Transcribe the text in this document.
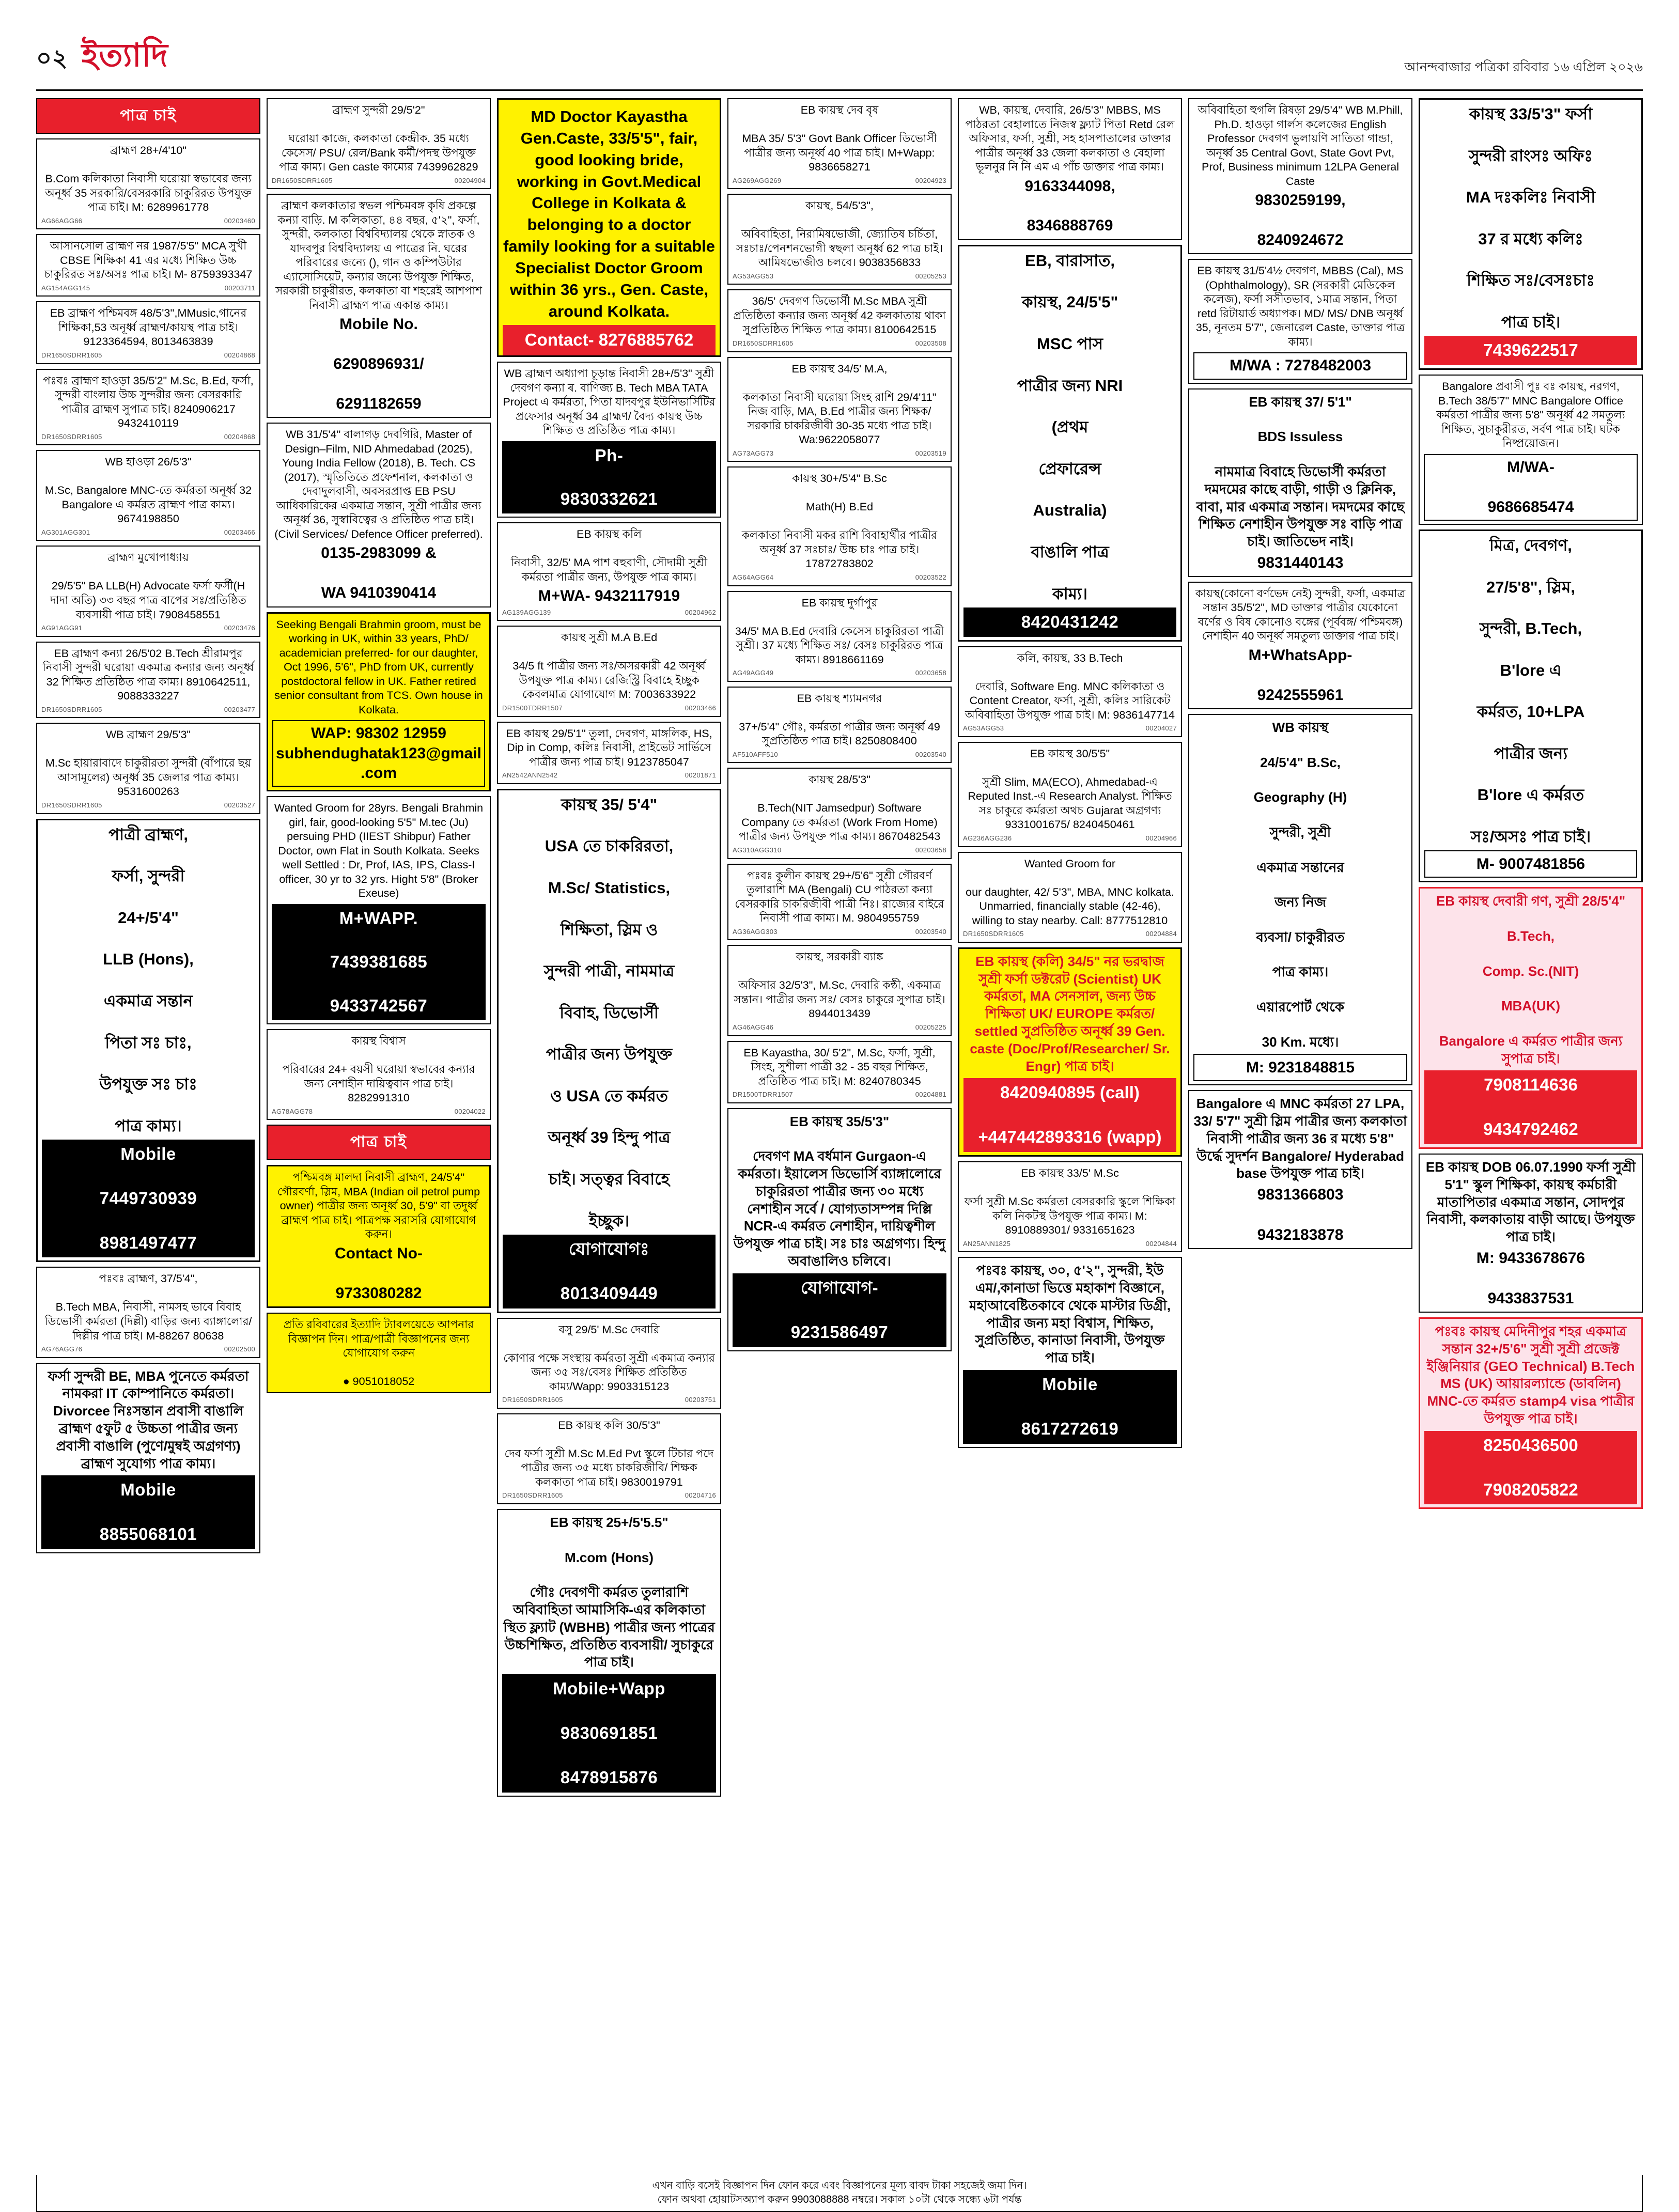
০২ ইত্যাদি	আনন্দবাজার পত্রিকা রবিবার ১৬ এপ্রিল ২০২৬
পাত্র চাই
ব্রাহ্মণ 28+/4'10"

B.Com কলিকাতা নিবাসী ঘরোয়া স্বভাবের জন্য অনূর্ধ্ব 35 সরকারি/বেসরকারি চাকুরিরত উপযুক্ত পাত্র চাই। M: 6289961778
AG66AGG66	00203460
আসানসোল ব্রাহ্মণ নর 1987/5'5" MCA সুখী CBSE শিক্ষিকা 41 এর মধ্যে শিক্ষিত উচ্চ চাকুরিরত সঃ/অসঃ পাত্র চাই। M- 8759393347
AG154AGG145	00203711
EB ব্রাহ্মণ পশ্চিমবঙ্গ 48/5'3'',MMusic,গানের শিক্ষিকা,53 অনূর্ধ্ব ব্রাহ্মণ/কায়স্থ পাত্র চাই। 9123364594, 8013463839
DR1650SDRR1605	00204868
পঃবঃ ব্রাহ্মণ হাওড়া 35/5'2" M.Sc, B.Ed, ফর্সা, সুন্দরী বাংলায় উচ্চ সুন্দরীর জন্য বেসরকারি পাত্রীর ব্রাহ্মণ সুপাত্র চাই। 8240906217 9432410119
DR1650SDRR1605	00204868
WB হাওড়া 26/5'3"

M.Sc, Bangalore MNC-তে কর্মরতা অনূর্ধ্ব 32 Bangalore এ কর্মরত ব্রাহ্মণ পাত্র কাম্য। 9674198850
AG301AGG301	00203466
ব্রাহ্মণ মুখোপাধ্যায়

29/5'5" BA LLB(H) Advocate ফর্সা ফর্সী(H দাদা অতি) ৩৩ বছর পাত্র বাপের সঃ/প্রতিষ্ঠিত ব্যবসায়ী পাত্র চাই। 7908458551
AG91AGG91	00203476
EB ব্রাহ্মণ কন্যা 26/5'02 B.Tech শ্রীরামপুর নিবাসী সুন্দরী ঘরোয়া একমাত্র কন্যার জন্য অনূর্ধ্ব 32 শিক্ষিত প্রতিষ্ঠিত পাত্র কাম্য। 8910642511, 9088333227
DR1650SDRR1605	00203477
WB ব্রাহ্মণ 29/5'3"

M.Sc হায়ারাবাদে চাকুরীরতা সুন্দরী (বাঁপারে ছয় আসামূলের) অনূর্ধ্ব 35 জেলার পাত্র কাম্য। 9531600263
DR1650SDRR1605	00203527
পাত্রী ব্রাহ্মণ,

ফর্সা, সুন্দরী

24+/5'4"

LLB (Hons),

একমাত্র সন্তান

পিতা সঃ চাঃ,

উপযুক্ত সঃ চাঃ

পাত্র কাম্য।
Mobile

7449730939

8981497477
পঃবঃ ব্রাহ্মণ, 37/5'4",

B.Tech MBA, নিবাসী, নামসহ ভাবে বিবাহ ডিভোর্সী কর্মরতা (দিল্লী) বাড়ির জন্য ব্যাঙ্গালোর/দিল্লীর পাত্র চাই। M-88267 80638
AG76AGG76	00202500
ফর্সা সুন্দরী BE, MBA পুনেতে কর্মরতা নামকরা IT কোম্পানিতে কর্মরতা। Divorcee নিঃসন্তান প্রবাসী বাঙালি ব্রাহ্মণ ৫ফুট ৫ উচ্চতা পাত্রীর জন্য প্রবাসী বাঙালি (পুণে/মুম্বই অগ্রগণ্য) ব্রাহ্মণ সুযোগ্য পাত্র কাম্য।
Mobile

8855068101
ব্রাহ্মণ সুন্দরী 29/5'2"

ঘরোয়া কাজে, কলকাতা কেন্দ্রীক. 35 মধ্যে কেসেস/ PSU/ রেল/Bank কর্মী/পদস্থ উপযুক্ত পাত্র কাম্য। Gen caste কাম্যের 7439962829
DR1650SDRR1605	00204904
ব্রাহ্মণ কলকাতার স্বভল পশ্চিমবঙ্গ কৃষি প্রকল্পে কন্যা বাড়ি. M কলিকাতা, ৪৪ বছর, ৫'২", ফর্সা, সুন্দরী, কলকাতা বিশ্ববিদ্যালয় থেকে স্নাতক ও যাদবপুর বিশ্ববিদ্যালয় এ পাত্রের নি. ঘরের পরিবারের জন্যে (), গান ও কম্পিউটার এ্যাসোসিয়েট, কন্যার জন্যে উপযুক্ত শিক্ষিত, সরকারী চাকুরীরত, কলকাতা বা শহরেই আশপাশ নিবাসী ব্রাহ্মণ পাত্র একান্ত কাম্য।
Mobile No.

6290896931/

6291182659
WB 31/5'4" বালাগড় দেবগিরি, Master of Design–Film, NID Ahmedabad (2025), Young India Fellow (2018), B. Tech. CS (2017), স্মৃতিতিতে প্রফেশনাল, কলকাতা ও দেবাদুলবাসী, অবসরপ্রাপ্ত EB PSU আধিকারিকের একমাত্র সন্তান, সুশ্রী পাত্রীর জন্য অনূর্ধ্ব 36, সুস্বাবিত্বের ও প্রতিষ্ঠিত পাত্র চাই। (Civil Services/ Defence Officer preferred).
0135-2983099 &

WA 9410390414
Seeking Bengali Brahmin groom, must be working in UK, within 33 years, PhD/ academician preferred- for our daughter, Oct 1996, 5'6", PhD from UK, currently postdoctoral fellow in UK. Father retired senior consultant from TCS. Own house in Kolkata.
WAP: 98302 12959 subhendughatak123@gmail.com
Wanted Groom for 28yrs. Bengali Brahmin girl, fair, good-looking 5'5" M.tec (Ju) persuing PHD (IIEST Shibpur) Father Doctor, own Flat in South Kolkata. Seeks well Settled : Dr, Prof, IAS, IPS, Class-I officer, 30 yr to 32 yrs. Hight 5'8" (Broker Exeuse)
M+WAPP.

7439381685

9433742567
কায়স্থ বিশ্বাস

পরিবারের 24+ বয়সী ঘরোয়া স্বভাবের কন্যার জন্য নেশাহীন দায়িত্ববান পাত্র চাই। 8282991310
AG78AGG78	00204022
পাত্র চাই
পশ্চিমবঙ্গ মালদা নিবাসী ব্রাহ্মণ, 24/5'4" গৌরবর্ণা, স্লিম, MBA (Indian oil petrol pump owner) পাত্রীর জন্য অনূর্ধ্ব 30, 5'9" বা তদুর্ধ্ব ব্রাহ্মণ পাত্র চাই। পাত্রপক্ষ সরাসরি যোগাযোগ করুন।
Contact No-

9733080282
প্রতি রবিবারের ইত্যাদি ট্যাবলয়েডে আপনার বিজ্ঞাপন দিন। পাত্র/পাত্রী বিজ্ঞাপনের জন্য যোগাযোগ করুন

● 9051018052
MD Doctor Kayastha Gen.Caste, 33/5'5", fair, good looking bride, working in Govt.Medical College in Kolkata & belonging to a doctor family looking for a suitable Specialist Doctor Groom within 36 yrs., Gen. Caste, around Kolkata.
Contact- 8276885762
WB ব্রাহ্মণ অধ্যাপা চূড়ান্ত নিবাসী 28+/5'3" সুশ্রী দেবগণ কন্যা ৰ. বাণিজ্য B. Tech MBA TATA Project এ কর্মরতা, পিতা যাদবপুর ইউনিভার্সিটির প্রফেসার অনূর্ধ্ব 34 ব্রাহ্মণ/ বৈদ্য কায়স্থ উচ্চ শিক্ষিত ও প্রতিষ্ঠিত পাত্র কাম্য।
Ph-

9830332621
EB কায়স্থ কলি

নিবাসী, 32/5' MA পাশ বহুবাণী, সৌদামী সুশ্রী কর্মরতা পাত্রীর জন্য, উপযুক্ত পাত্র কাম্য।
M+WA- 9432117919
AG139AGG139	00204962
কায়স্থ সুশ্রী M.A B.Ed

34/5 ft পাত্রীর জন্য সঃ/অসরকারী 42 অনূর্ধ্ব উপযুক্ত পাত্র কাম্য। রেজিস্ট্রি বিবাহে ইচ্ছুক কেবলমাত্র যোগাযোগ M: 7003633922
DR1500TDRR1507	00203466
EB কায়স্থ 29/5'1" তুলা, দেবগণ, মাঙ্গলিক, HS, Dip in Comp, কলিঃ নিবাসী, প্রাইভেট সার্ভিসে পাত্রীর জন্য পাত্র চাই। 9123785047
AN2542ANN2542	00201871
কায়স্থ 35/ 5'4"

USA তে চাকরিরতা,

M.Sc/ Statistics,

শিক্ষিতা, স্লিম ও

সুন্দরী পাত্রী, নামমাত্র

বিবাহ, ডিভোর্সী

পাত্রীর জন্য উপযুক্ত

ও USA তে কর্মরত

অনূর্ধ্ব 39 হিন্দু পাত্র

চাই। সত্ত্বর বিবাহে

ইচ্ছুক।
যোগাযোগঃ

8013409449
বসু 29/5' M.Sc দেবারি

কোণার পক্ষে সংস্থায় কর্মরতা সুশ্রী একমাত্র কন্যার জন্য ৩৫ সঃ/বেসঃ শিক্ষিত প্রতিষ্ঠিত কাম্য/Wapp: 9903315123
DR1650SDRR1605	00203751
EB কায়স্থ কলি 30/5'3"

দেব ফর্সা সুশ্রী M.Sc M.Ed Pvt স্কুলে টিচার পদে পাত্রীর জন্য ৩৫ মধ্যে চাকরিজীবি/ শিক্ষক কলকাতা পাত্র চাই। 9830019791
DR1650SDRR1605	00204716
EB কায়স্থ 25+/5'5.5"

M.com (Hons)

গৌঃ দেবগণী কর্মরত তুলারাশি অবিবাহিতা আমাসিকি-এর কলিকাতা স্থিত ফ্ল্যাট (WBHB) পাত্রীর জন্য পাত্রের উচ্চশিক্ষিত, প্রতিষ্ঠিত ব্যবসায়ী/ সুচাকুরে পাত্র চাই।
Mobile+Wapp

9830691851

8478915876
EB কায়স্থ দেব বৃষ

MBA 35/ 5'3" Govt Bank Officer ডিভোর্সী পাত্রীর জন্য অনূর্ধ্ব 40 পাত্র চাই। M+Wapp: 9836658271
AG269AGG269	00204923
কায়স্থ, 54/5'3",

অবিবাহিতা, নিরামিষভোজী, জ্যোতিষ চর্চিতা, সঃচাঃ/পেনশনভোগী স্বছলা অনূর্ধ্ব 62 পাত্র চাই। আমিষভোজীও চলবে। 9038356833
AG53AGG53	00205253
36/5' দেবগণ ডিভোর্সী M.Sc MBA সুশ্রী প্রতিষ্ঠিতা কন্যার জন্য অনূর্ধ্ব 42 কলকাতায় থাকা সুপ্রতিষ্ঠিত শিক্ষিত পাত্র কাম্য। 8100642515
DR1650SDRR1605	00203508
EB কায়স্থ 34/5' M.A,

কলকাতা নিবাসী ঘরোয়া সিংহ রাশি 29/4'11" নিজ বাড়ি, MA, B.Ed পাত্রীর জন্য শিক্ষক/ সরকারি চাকরিজীবী 30-35 মধ্যে পাত্র চাই। Wa:9622058077
AG73AGG73	00203519
কায়স্থ 30+/5'4" B.Sc

Math(H) B.Ed

কলকাতা নিবাসী মকর রাশি বিবাহার্থীর পাত্রীর অনূর্ধ্ব 37 সঃচাঃ/ উচ্চ চাঃ পাত্র চাই। 17872783802
AG64AGG64	00203522
EB কায়স্থ দুর্গাপুর

34/5' MA B.Ed দেবারি কেসেস চাকুরিরতা পাত্রী সুশ্রী। 37 মধ্যে শিক্ষিত সঃ/ বেসঃ চাকুরিরত পাত্র কাম্য। 8918661169
AG49AGG49	00203658
EB কায়স্থ শ্যামনগর

37+/5'4" গৌঃ, কর্মরতা পাত্রীর জন্য অনূর্ধ্ব 49 সুপ্রতিষ্ঠিত পাত্র চাই। 8250808400
AF510AFF510	00203540
কায়স্থ 28/5'3"

B.Tech(NIT Jamsedpur) Software Company তে কর্মরতা (Work From Home) পাত্রীর জন্য উপযুক্ত পাত্র কাম্য। 8670482543
AG310AGG310	00203658
পঃবঃ কুলীন কায়স্থ 29+/5'6" সুশ্রী গৌরবর্ণ তুলারাশি MA (Bengali) CU পাঠরতা কন্যা বেসরকারি চাকরিজীবী পাত্রী নিঃ। রাজ্যের বাইরে নিবাসী পাত্র কাম্য। M. 9804955759
AG36AGG303	00203540
কায়স্থ, সরকারী ব্যাঙ্ক

অফিসার 32/5'3", M.Sc, দেবারি কন্ঠী, একমাত্র সন্তান। পাত্রীর জন্য সঃ/ বেসঃ চাকুরে সুপাত্র চাই। 8944013439
AG46AGG46	00205225
EB Kayastha, 30/ 5'2", M.Sc, ফর্সা, সুশ্রী, সিংহ, সুশীলা পাত্রী 32 - 35 বছর শিক্ষিত, প্রতিষ্ঠিত পাত্র চাই। M: 8240780345
DR1500TDRR1507	00204881
EB কায়স্থ 35/5'3"

দেবগণ MA বর্ধমান Gurgaon-এ কর্মরতা। ইয়ালেস ডিভোর্সি ব্যাঙ্গালোরে চাকুরিরতা পাত্রীর জন্য ৩০ মধ্যে নেশাহীন সর্বে / যোগ্যতাসম্পন্ন দিল্লি NCR-এ কর্মরত নেশাহীন, দায়িত্বশীল উপযুক্ত পাত্র চাই। সঃ চাঃ অগ্রগণ্য। হিন্দু অবাঙালিও চলিবে।
যোগাযোগ-

9231586497
WB, কায়স্থ, দেবারি, 26/5'3" MBBS, MS পাঠরতা বেহালাতে নিজস্ব ফ্ল্যাট পিতা Retd রেল অফিসার, ফর্সা, সুশ্রী, সহ হাসপাতালের ডাক্তার পাত্রীর অনূর্ধ্ব 33 জেলা কলকাতা ও বেহালা ভূলনুর নি নি এম এ পাঁচ ডাক্তার পাত্র কাম্য।
9163344098,

8346888769
EB, বারাসাত,

কায়স্থ, 24/5'5"

MSC পাস

পাত্রীর জন্য NRI

(প্রথম

প্রেফারেন্স

Australia)

বাঙালি পাত্র

কাম্য।
8420431242
কলি, কায়স্থ, 33 B.Tech

দেবারি, Software Eng. MNC কলিকাতা ও Content Creator, ফর্সা, সুশ্রী, কলিঃ সারিকেট অবিবাহিতা উপযুক্ত পাত্র চাই। M: 9836147714
AG53AGG53	00204027
EB কায়স্থ 30/5'5"

সুশ্রী Slim, MA(ECO), Ahmedabad-এ Reputed Inst.-এ Research Analyst. শিক্ষিত সঃ চাকুরে কর্মরতা অথচ Gujarat অগ্রগণ্য 9331001675/ 8240450461
AG236AGG236	00204966
Wanted Groom for

our daughter, 42/ 5'3", MBA, MNC kolkata. Unmarried, financially stable (42-46), willing to stay nearby. Call: 8777512810
DR1650SDRR1605	00204884
EB কায়স্থ (কলি) 34/5" নর ভরদ্বাজ সুশ্রী ফর্সা ডক্টরেট (Scientist) UK কর্মরতা, MA সেনসাল, জন্য উচ্চ শিক্ষিতা UK/ EUROPE কর্মরত/ settled সুপ্রতিষ্ঠিত অনূর্ধ্ব 39 Gen. caste (Doc/Prof/Researcher/ Sr. Engr) পাত্র চাই।
8420940895 (call)

+447442893316 (wapp)
EB কায়স্থ 33/5' M.Sc

ফর্সা সুশ্রী M.Sc কর্মরতা বেসরকারি স্কুলে শিক্ষিকা কলি নিকটস্থ উপযুক্ত পাত্র কাম্য। M: 8910889301/ 9331651623
AN25ANN1825	00204844
পঃবঃ কায়স্থ, ৩০, ৫'২", সুন্দরী, ইউ এম/,কানাডা ভিত্তে মহাকাশ বিজ্ঞানে, মহাআবেষ্টিতকাবে থেকে মাস্টার ডিগ্রী, পাত্রীর জন্য মহা বিশ্বাস, শিক্ষিত, সুপ্রতিষ্ঠিত, কানাডা নিবাসী, উপযুক্ত পাত্র চাই।
Mobile

8617272619
অবিবাহিতা হুগলি রিষড়া 29/5'4" WB M.Phill, Ph.D. হাওড়া গার্লস কলেজের English Professor দেবগণ ভুলায়ণি সাতিতা গান্ডা, অনূর্ধ্ব 35 Central Govt, State Govt Pvt, Prof, Business minimum 12LPA General Caste
9830259199,

8240924672
EB কায়স্থ 31/5'4½ দেবগণ, MBBS (Cal), MS (Ophthalmology), SR (সরকারী মেডিকেল কলেজ), ফর্সা সসীতভাব, ১মাত্র সন্তান, পিতা retd রিটায়ার্ড অধ্যাপক। MD/ MS/ DNB অনূর্ধ্ব 35, নূনতম 5'7", জেনারেল Caste, ডাক্তার পাত্র কাম্য।
M/WA : 7278482003
EB কায়স্থ 37/ 5'1"

BDS Issuless

নামমাত্র বিবাহে ডিভোর্সী কর্মরতা দমদমের কাছে বাড়ী, গাড়ী ও ক্লিনিক, বাবা, মার একমাত্র সন্তান। দমদমের কাছে শিক্ষিত নেশাহীন উপযুক্ত সঃ বাড়ি পাত্র চাই। জাতিভেদ নাই।
9831440143
কায়স্থ(কোনো বর্ণভেদ নেই) সুন্দরী, ফর্সা, একমাত্র সন্তান 35/5'2", MD ডাক্তার পাত্রীর যেকোনো বর্ণের ও বিষ কোনোও বঙ্গের (পূর্ববঙ্গ/ পশ্চিমবঙ্গ) নেশাহীন 40 অনূর্ধ্ব সমতুল্য ডাক্তার পাত্র চাই।
M+WhatsApp-

9242555961
WB কায়স্থ

24/5'4" B.Sc,

Geography (H)

সুন্দরী, সুশ্রী

একমাত্র সন্তানের

জন্য নিজ

ব্যবসা/ চাকুরীরত

পাত্র কাম্য।

এয়ারপোর্ট থেকে

30 Km. মধ্যে।
M: 9231848815
Bangalore এ MNC কর্মরতা 27 LPA, 33/ 5'7" সুশ্রী স্লিম পাত্রীর জন্য কলকাতা নিবাসী পাত্রীর জন্য 36 র মধ্যে 5'8" উর্দ্ধে সুদর্শন Bangalore/ Hyderabad base উপযুক্ত পাত্র চাই।
9831366803

9432183878
কায়স্থ 33/5'3" ফর্সা

সুন্দরী রাংসঃ অফিঃ

MA দঃকলিঃ নিবাসী

37 র মধ্যে কলিঃ

শিক্ষিত সঃ/বেসঃচাঃ

পাত্র চাই।
7439622517
Bangalore প্রবাসী পুঃ বঃ কায়স্থ, নরগণ, B.Tech 38/5'7" MNC Bangalore Office কর্মরতা পাত্রীর জন্য 5'8" অনূর্ধ্ব 42 সমতুল্য শিক্ষিত, সুচাকুরীরত, সর্বণ পাত্র চাই। ঘটক নিষ্প্রয়োজন।
M/WA-

9686685474
মিত্র, দেবগণ,

27/5'8", স্লিম,

সুন্দরী, B.Tech,

B'lore এ

কর্মরত, 10+LPA

পাত্রীর জন্য

B'lore এ কর্মরত

সঃ/অসঃ পাত্র চাই।
M- 9007481856
EB কায়স্থ দেবারী গণ, সুশ্রী 28/5'4"

B.Tech,

Comp. Sc.(NIT)

MBA(UK)

Bangalore এ কর্মরত পাত্রীর জন্য সুপাত্র চাই।
7908114636

9434792462
EB কায়স্থ DOB 06.07.1990 ফর্সা সুশ্রী 5'1" স্কুল শিক্ষিকা, কায়স্থ কর্মচারী মাতাপিতার একমাত্র সন্তান, সোদপুর নিবাসী, কলকাতায় বাড়ী আছে। উপযুক্ত পাত্র চাই।
M: 9433678676

9433837531
পঃবঃ কায়স্থ মেদিনীপুর শহর একমাত্র সন্তান 32+/5'6" সুশ্রী সুশ্রী প্রজেক্ট ইঞ্জিনিয়ার (GEO Technical) B.Tech MS (UK) আয়ারল্যান্ডে (ডাবলিন) MNC-তে কর্মরত stamp4 visa পাত্রীর উপযুক্ত পাত্র চাই।
8250436500

7908205822
এখন বাড়ি বসেই বিজ্ঞাপন দিন ফোন করে এবং বিজ্ঞাপনের মূল্য বাবদ টাকা সহজেই জমা দিন।
ফোন অথবা হোয়াটসঅ্যাপ করুন 9903088888 নম্বরে। সকাল ১০টা থেকে সন্ধ্যে ৬টা পর্যন্ত
